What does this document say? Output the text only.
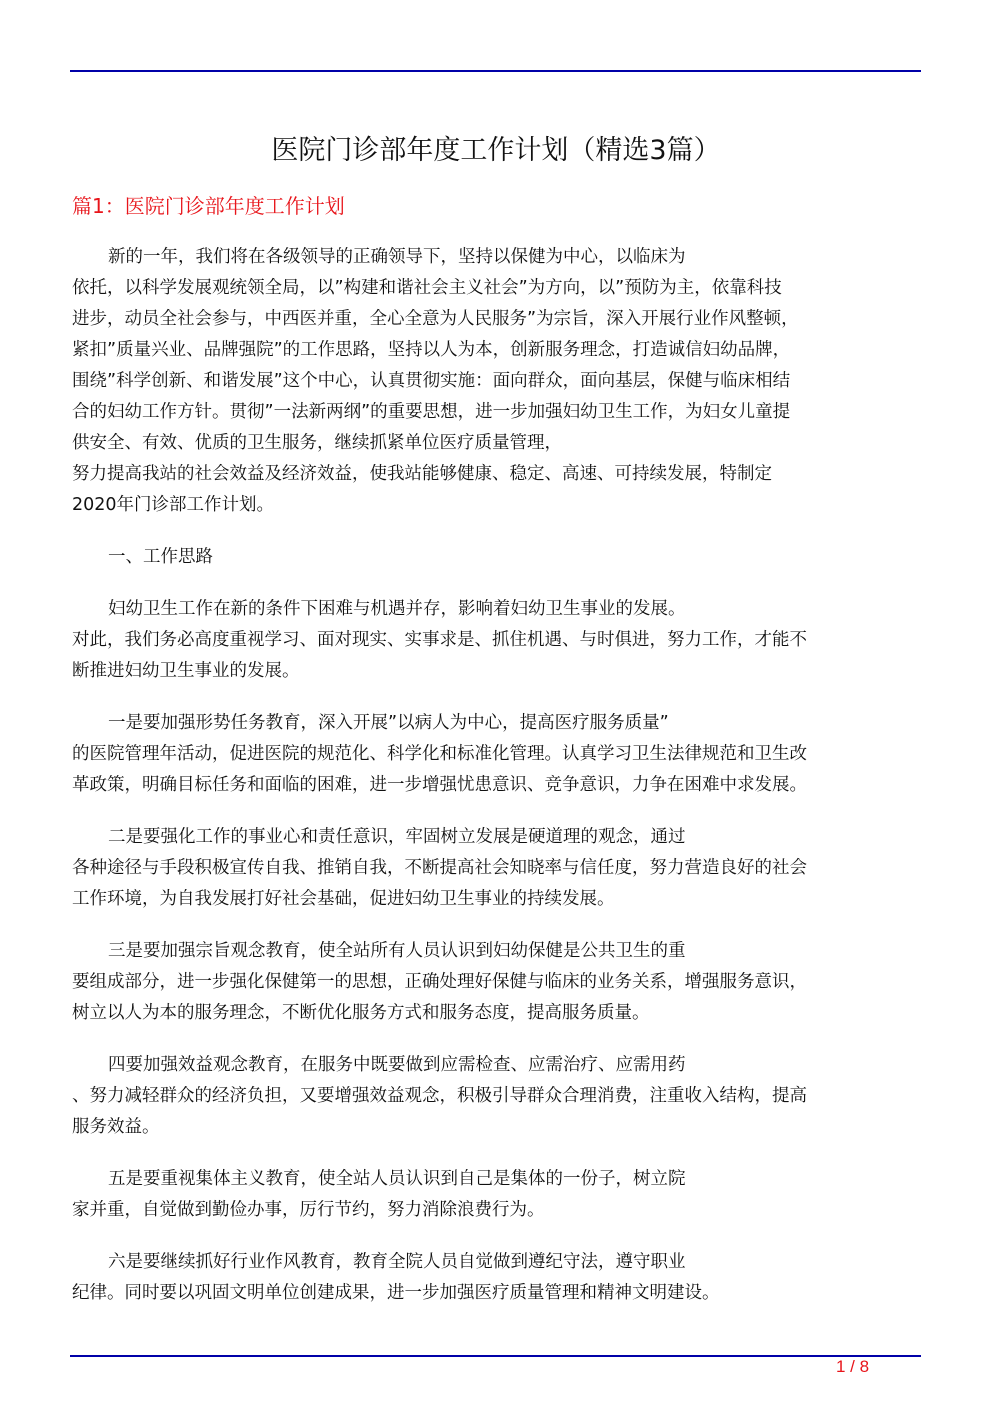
医院门诊部年度工作计划（精选3篇）
篇1：医院门诊部年度工作计划
新的一年，我们将在各级领导的正确领导下，坚持以保健为中心，以临床为
依托，以科学发展观统领全局，以”构建和谐社会主义社会”为方向，以”预防为主，依靠科技
进步，动员全社会参与，中西医并重，全心全意为人民服务”为宗旨，深入开展行业作风整顿，
紧扣”质量兴业、品牌强院”的工作思路，坚持以人为本，创新服务理念，打造诚信妇幼品牌，
围绕”科学创新、和谐发展”这个中心，认真贯彻实施：面向群众，面向基层，保健与临床相结
合的妇幼工作方针。贯彻”一法新两纲”的重要思想，进一步加强妇幼卫生工作，为妇女儿童提
供安全、有效、优质的卫生服务，继续抓紧单位医疗质量管理，
努力提高我站的社会效益及经济效益，使我站能够健康、稳定、高速、可持续发展，特制定
2020年门诊部工作计划。
一、工作思路
妇幼卫生工作在新的条件下困难与机遇并存，影响着妇幼卫生事业的发展。
对此，我们务必高度重视学习、面对现实、实事求是、抓住机遇、与时俱进，努力工作，才能不
断推进妇幼卫生事业的发展。
一是要加强形势任务教育，深入开展”以病人为中心，提高医疗服务质量”
的医院管理年活动，促进医院的规范化、科学化和标准化管理。认真学习卫生法律规范和卫生改
革政策，明确目标任务和面临的困难，进一步增强忧患意识、竞争意识，力争在困难中求发展。
二是要强化工作的事业心和责任意识，牢固树立发展是硬道理的观念，通过
各种途径与手段积极宣传自我、推销自我，不断提高社会知晓率与信任度，努力营造良好的社会
工作环境，为自我发展打好社会基础，促进妇幼卫生事业的持续发展。
三是要加强宗旨观念教育，使全站所有人员认识到妇幼保健是公共卫生的重
要组成部分，进一步强化保健第一的思想，正确处理好保健与临床的业务关系，增强服务意识，
树立以人为本的服务理念，不断优化服务方式和服务态度，提高服务质量。
四要加强效益观念教育，在服务中既要做到应需检查、应需治疗、应需用药
、努力减轻群众的经济负担，又要增强效益观念，积极引导群众合理消费，注重收入结构，提高
服务效益。
五是要重视集体主义教育，使全站人员认识到自己是集体的一份子，树立院
家并重，自觉做到勤俭办事，厉行节约，努力消除浪费行为。
六是要继续抓好行业作风教育，教育全院人员自觉做到遵纪守法，遵守职业
纪律。同时要以巩固文明单位创建成果，进一步加强医疗质量管理和精神文明建设。
1 / 8
